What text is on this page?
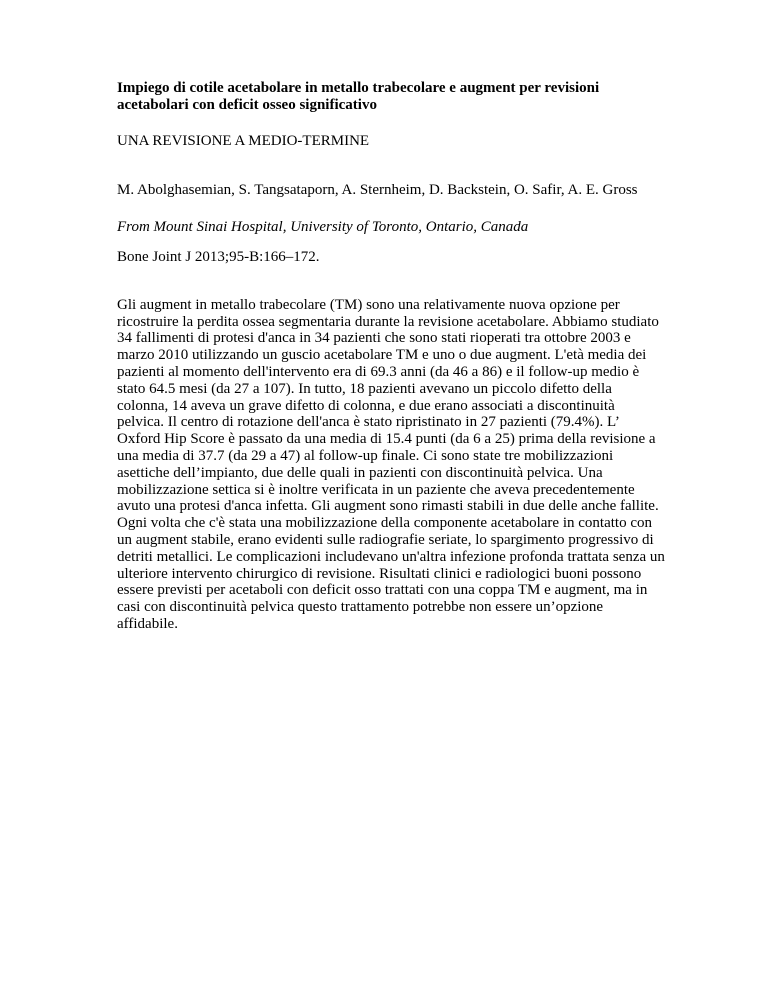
Impiego di cotile acetabolare in metallo trabecolare e augment per revisioni acetabolari con deficit osseo significativo

UNA REVISIONE A MEDIO-TERMINE

M. Abolghasemian, S. Tangsataporn, A. Sternheim, D. Backstein, O. Safir, A. E. Gross

From Mount Sinai Hospital, University of Toronto, Ontario, Canada

Bone Joint J 2013;95-B:166–172.

Gli augment in metallo trabecolare (TM) sono una relativamente nuova opzione per ricostruire la perdita ossea segmentaria durante la revisione acetabolare. Abbiamo studiato 34 fallimenti di protesi d'anca in 34 pazienti che sono stati rioperati tra ottobre 2003 e marzo 2010 utilizzando un guscio acetabolare TM e uno o due augment. L'età media dei pazienti al momento dell'intervento era di 69.3 anni (da 46 a 86) e il follow-up medio è stato 64.5 mesi (da 27 a 107). In tutto, 18 pazienti avevano un piccolo difetto della colonna, 14 aveva un grave difetto di colonna, e due erano associati a discontinuità pelvica. Il centro di rotazione dell'anca è stato ripristinato in 27 pazienti (79.4%). L’ Oxford Hip Score è passato da una media di 15.4 punti (da 6 a 25) prima della revisione a una media di 37.7 (da 29 a 47) al follow-up finale. Ci sono state tre mobilizzazioni asettiche dell’impianto, due delle quali in pazienti con discontinuità pelvica. Una mobilizzazione settica si è inoltre verificata in un paziente che aveva precedentemente avuto una protesi d'anca infetta. Gli augment sono rimasti stabili in due delle anche fallite. Ogni volta che c'è stata una mobilizzazione della componente acetabolare in contatto con un augment stabile, erano evidenti sulle radiografie seriate, lo spargimento progressivo di detriti metallici. Le complicazioni includevano un'altra infezione profonda trattata senza un ulteriore intervento chirurgico di revisione. Risultati clinici e radiologici buoni possono essere previsti per acetaboli con deficit osso trattati con una coppa TM e augment, ma in casi con discontinuità pelvica questo trattamento potrebbe non essere un’opzione affidabile.
